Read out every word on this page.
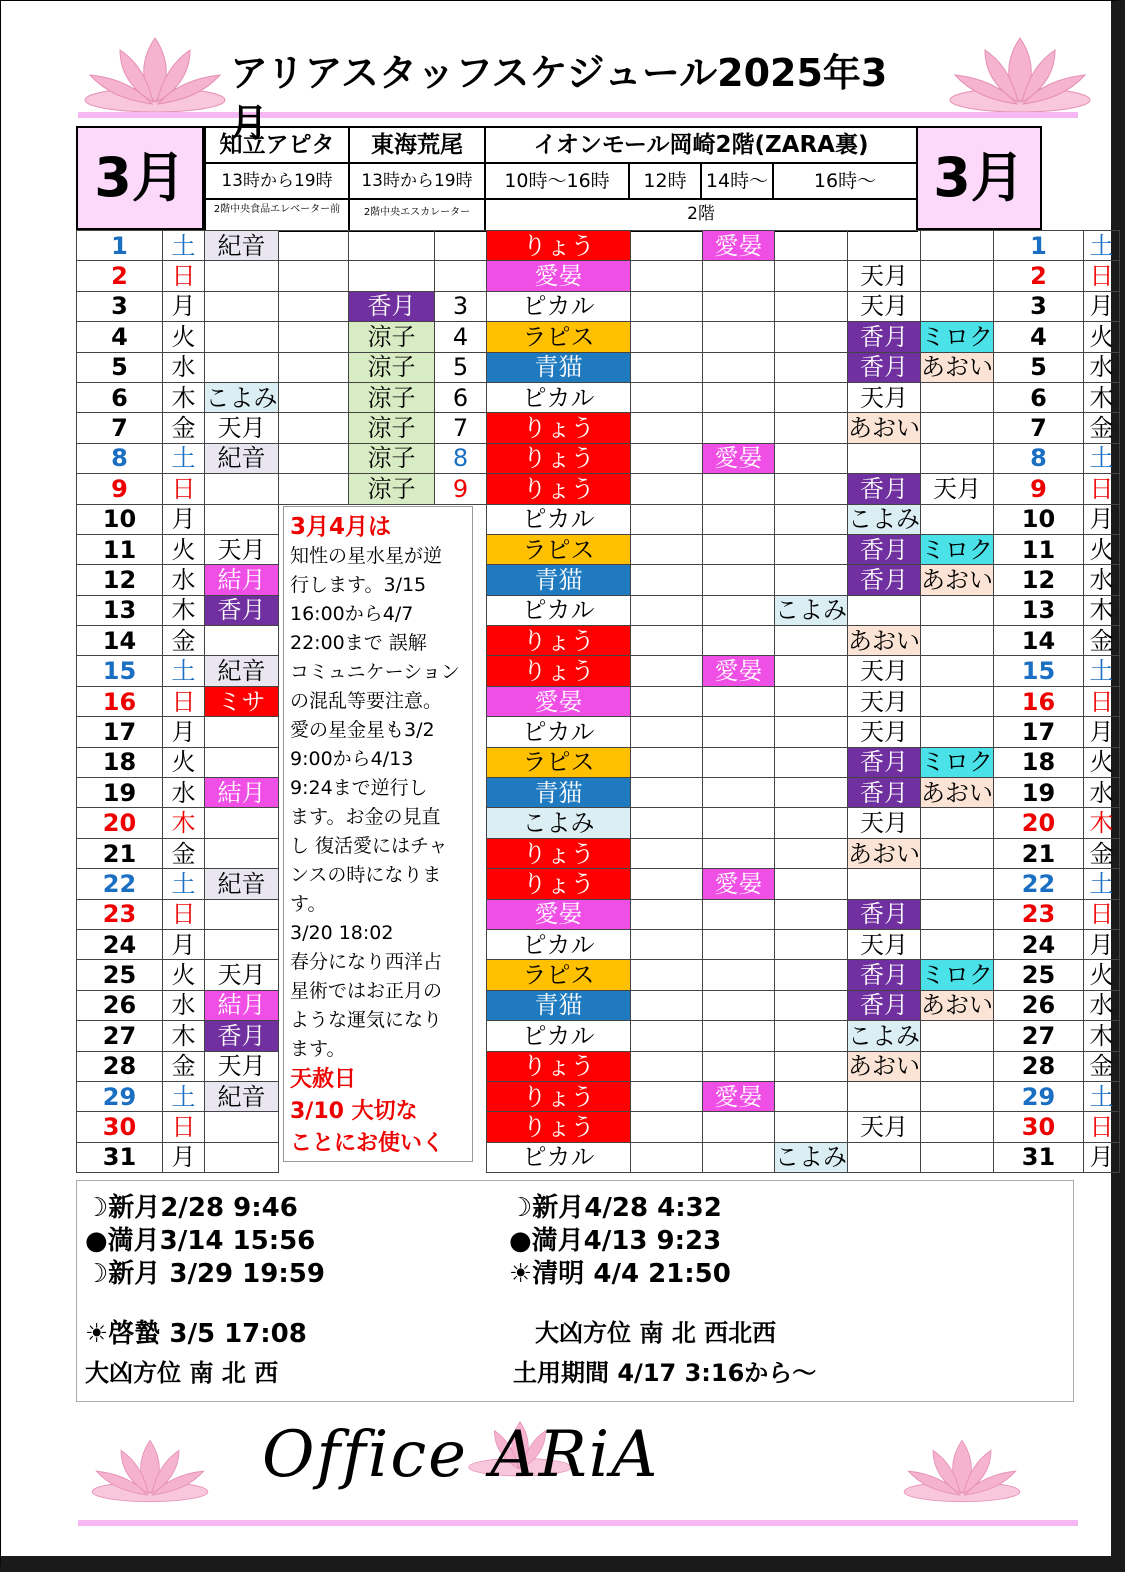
アリアスタッフスケジュール2025年3月
3月	3月
知立アピタ	東海荒尾	イオンモール岡崎2階(ZARA裏)
13時から19時	13時から19時	10時～16時	12時	14時～	16時～
2階中央食品エレベーター前	2階中央エスカレーター	2階
1	土	紀音				りょう		愛晏				1	土
2	日					愛晏				天月		2	日
3	月			香月	3	ピカル				天月		3	月
4	火			涼子	4	ラピス				香月	ミロク	4	火
5	水			涼子	5	青猫				香月	あおい	5	水
6	木	こよみ		涼子	6	ピカル				天月		6	木
7	金	天月		涼子	7	りょう				あおい		7	金
8	土	紀音		涼子	8	りょう		愛晏				8	土
9	日			涼子	9	りょう				香月	天月	9	日
10	月					ピカル				こよみ		10	月
11	火	天月				ラピス				香月	ミロク	11	火
12	水	結月				青猫				香月	あおい	12	水
13	木	香月				ピカル			こよみ			13	木
14	金					りょう				あおい		14	金
15	土	紀音				りょう		愛晏		天月		15	土
16	日	ミサ				愛晏				天月		16	日
17	月					ピカル				天月		17	月
18	火					ラピス				香月	ミロク	18	火
19	水	結月				青猫				香月	あおい	19	水
20	木					こよみ				天月		20	木
21	金					りょう				あおい		21	金
22	土	紀音				りょう		愛晏				22	土
23	日					愛晏				香月		23	日
24	月					ピカル				天月		24	月
25	火	天月				ラピス				香月	ミロク	25	火
26	水	結月				青猫				香月	あおい	26	水
27	木	香月				ピカル				こよみ		27	木
28	金	天月				りょう				あおい		28	金
29	土	紀音				りょう		愛晏				29	土
30	日					りょう				天月		30	日
31	月					ピカル			こよみ			31	月
3月4月は
知性の星水星が逆
行します。3/15
16:00から4/7
22:00まで 誤解
コミュニケーション
の混乱等要注意。
愛の星金星も3/2
9:00から4/13
9:24まで逆行し
ます。お金の見直
し 復活愛にはチャ
ンスの時になりま
す。
3/20 18:02
春分になり西洋占
星術ではお正月の
ような運気になり
ます。
天赦日
3/10 大切な
ことにお使いく
☽新月2/28 9:46
●満月3/14 15:56
☽新月 3/29 19:59
☀啓蟄 3/5 17:08
大凶方位 南 北 西
☽新月4/28 4:32
●満月4/13 9:23
☀清明 4/4 21:50
大凶方位 南 北 西北西
土用期間 4/17 3:16から～
Office ARiA
